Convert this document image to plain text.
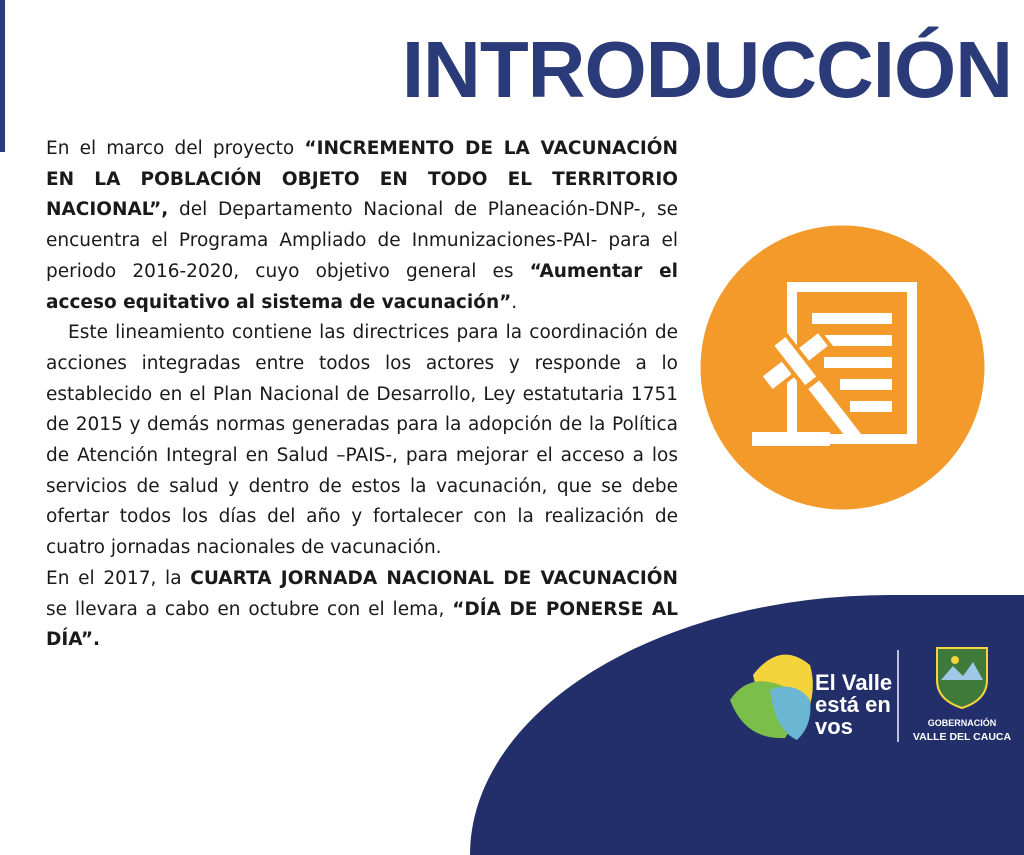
INTRODUCCIÓN

En el marco del proyecto “INCREMENTO DE LA VACUNACIÓN EN LA POBLACIÓN OBJETO EN TODO EL TERRITORIO NACIONAL”, del Departamento Nacional de Planeación-DNP-, se encuentra el Programa Ampliado de Inmunizaciones-PAI- para el periodo 2016-2020, cuyo objetivo general es “Aumentar el acceso equitativo al sistema de vacunación”.

Este lineamiento contiene las directrices para la coordinación de acciones integradas entre todos los actores y responde a lo establecido en el Plan Nacional de Desarrollo, Ley estatutaria 1751 de 2015 y demás normas generadas para la adopción de la Política de Atención Integral en Salud –PAIS-, para mejorar el acceso a los servicios de salud y dentro de estos la vacunación, que se debe ofertar todos los días del año y fortalecer con la realización de cuatro jornadas nacionales de vacunación.

En el 2017, la CUARTA JORNADA NACIONAL DE VACUNACIÓN se llevara a cabo en octubre con el lema, “DÍA DE PONERSE AL DÍA”.

El Valle
está en
vos	GOBERNACIÓN
VALLE DEL CAUCA
